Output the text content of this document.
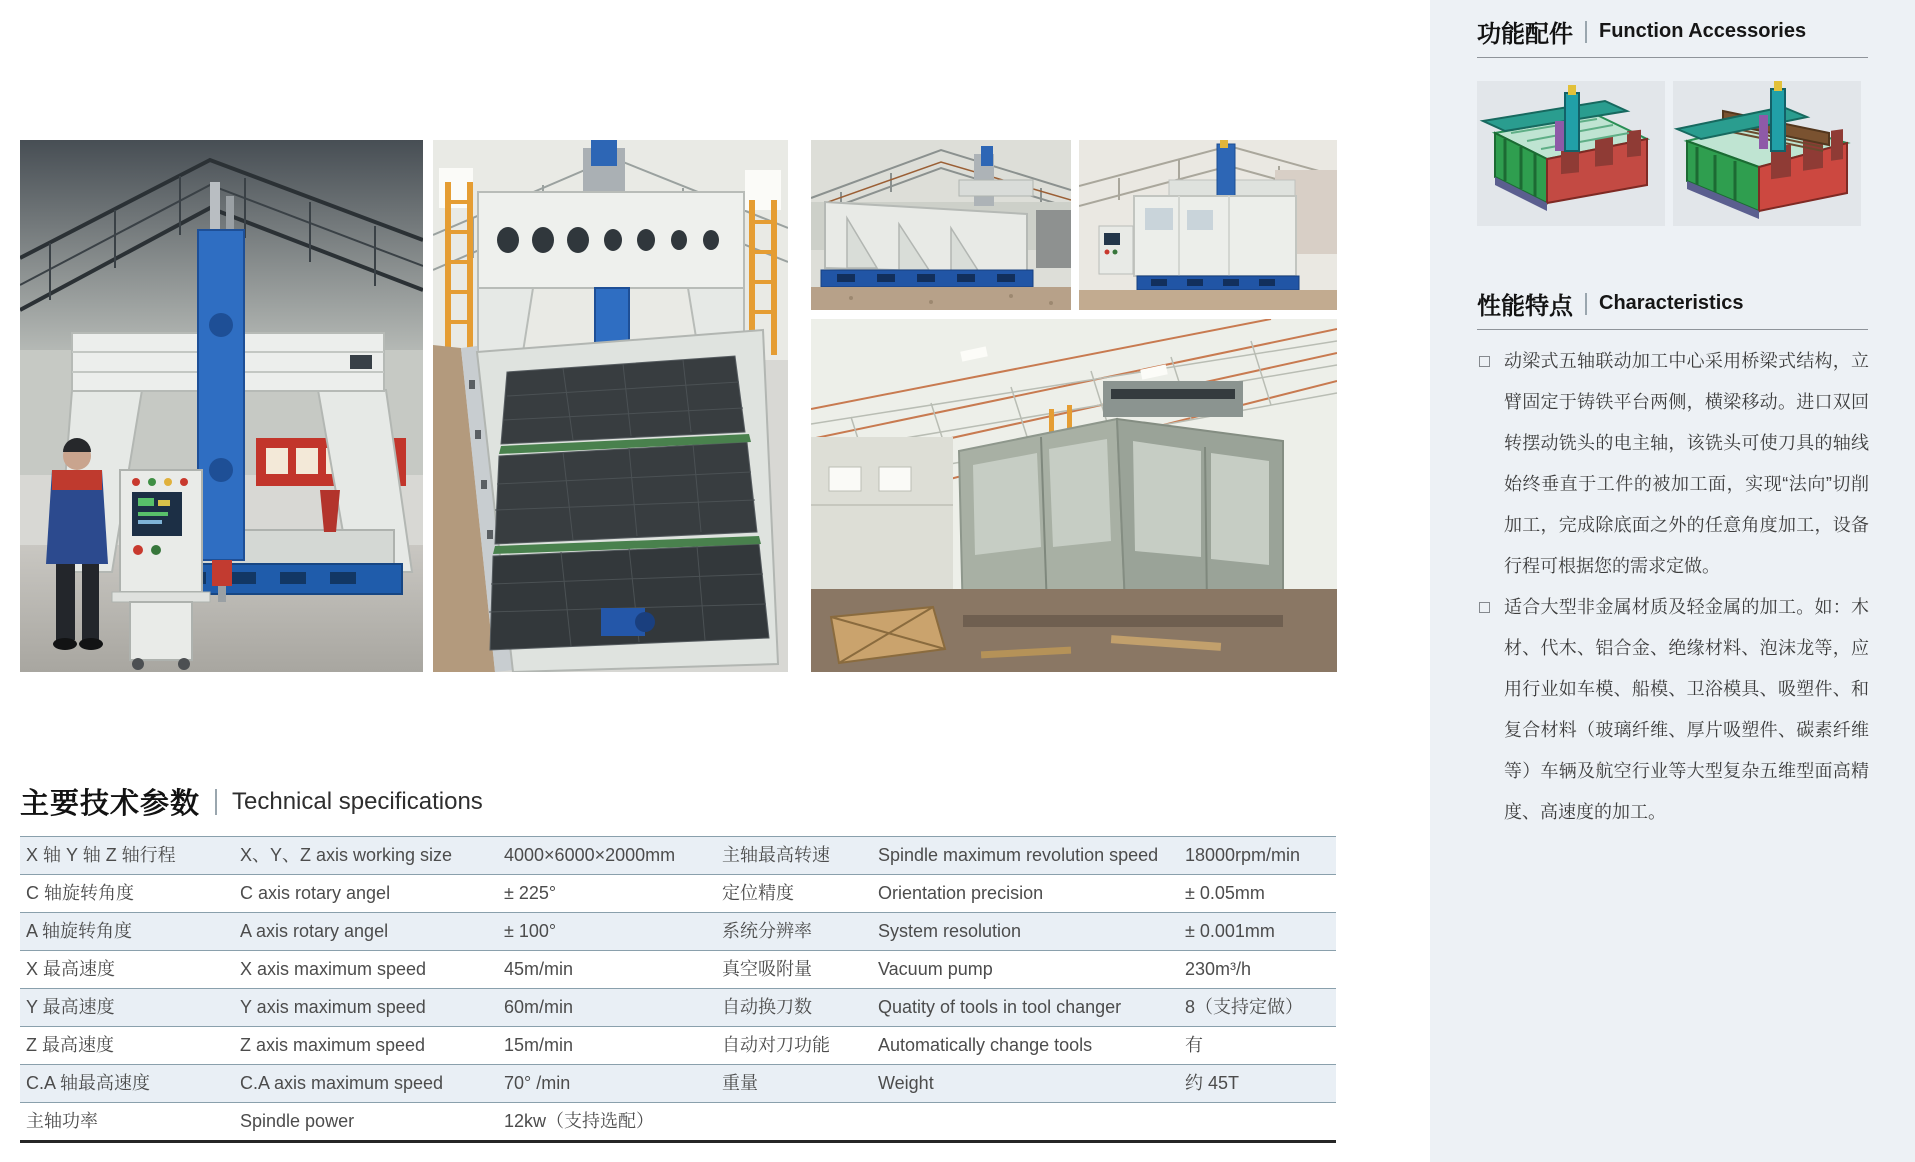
主要技术参数 Technical specifications
X 轴 Y 轴 Z 轴行程	X、Y、Z axis working size	4000×6000×2000mm	主轴最高转速	Spindle maximum revolution speed 18000rpm/min
C 轴旋转角度	C axis rotary angel	± 225°	定位精度	Orientation precision	± 0.05mm
A 轴旋转角度	A axis rotary angel	± 100°	系统分辨率	System resolution	± 0.001mm
X 最高速度	X axis maximum speed	45m/min	真空吸附量	Vacuum pump	230m³/h
Y 最高速度	Y axis maximum speed	60m/min	自动换刀数	Quatity of tools in tool changer	8（支持定做）
Z 最高速度	Z axis maximum speed	15m/min	自动对刀功能	Automatically change tools	有
C.A 轴最高速度	C.A axis maximum speed	70° /min	重量	Weight	约 45T
主轴功率	Spindle power	12kw（支持选配）
功能配件 Function Accessories
性能特点 Characteristics
动梁式五轴联动加工中心采用桥梁式结构，立臂固定于铸铁平台两侧，横梁移动。进口双回转摆动铣头的电主轴，该铣头可使刀具的轴线始终垂直于工件的被加工面，实现“法向”切削加工，完成除底面之外的任意角度加工，设备行程可根据您的需求定做。
适合大型非金属材质及轻金属的加工。如：木材、代木、铝合金、绝缘材料、泡沫龙等，应用行业如车模、船模、卫浴模具、吸塑件、和复合材料（玻璃纤维、厚片吸塑件、碳素纤维等）车辆及航空行业等大型复杂五维型面高精度、高速度的加工。
